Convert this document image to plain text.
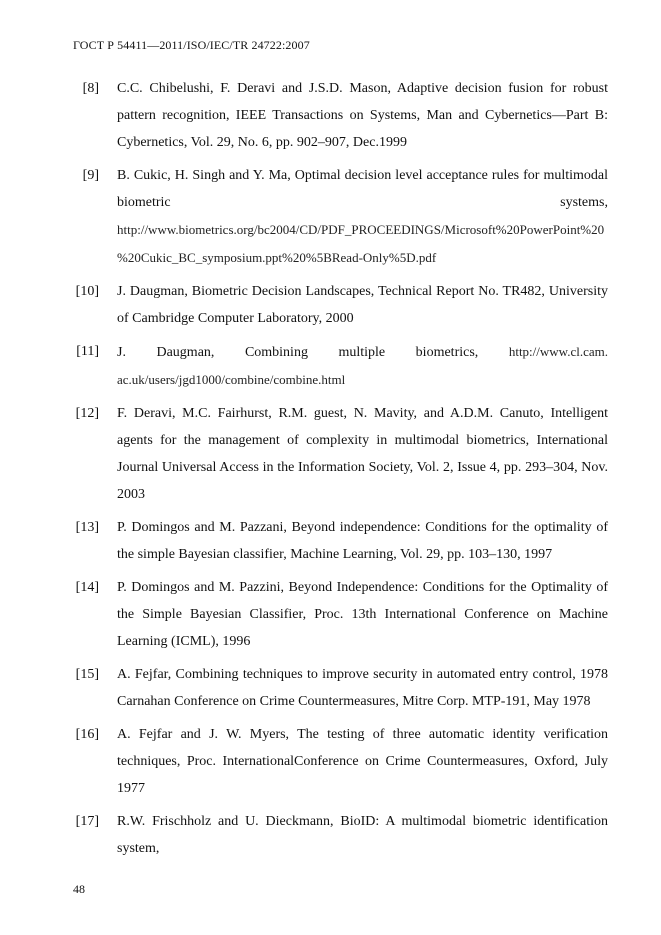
ГОСТ Р 54411—2011/ISO/IEC/TR 24722:2007
[8]	C.C. Chibelushi, F. Deravi and J.S.D. Mason, Adaptive decision fusion for robust pattern recognition, IEEE Transactions on Systems, Man and Cybernetics—Part B: Cybernetics, Vol. 29, No. 6, pp. 902–907, Dec.1999
[9]	B. Cukic, H. Singh and Y. Ma, Optimal decision level acceptance rules for multimodal biometric systems, http://www.biometrics.org/bc2004/CD/PDF_PROCEEDINGS/Microsoft%20PowerPoint%20%20Cukic_BC_symposium.ppt%20%5BRead-Only%5D.pdf
[10]	J. Daugman, Biometric Decision Landscapes, Technical Report No. TR482, University of Cambridge Computer Laboratory, 2000
[11]	J. Daugman, Combining multiple biometrics, http://www.cl.cam. ac.uk/users/jgd1000/combine/combine.html
[12]	F. Deravi, M.C. Fairhurst, R.M. guest, N. Mavity, and A.D.M. Canuto, Intelligent agents for the management of complexity in multimodal biometrics, International Journal Universal Access in the Information Society, Vol. 2, Issue 4, pp. 293–304, Nov. 2003
[13]	P. Domingos and M. Pazzani, Beyond independence: Conditions for the optimality of the simple Bayesian classifier, Machine Learning, Vol. 29, pp. 103–130, 1997
[14]	P. Domingos and M. Pazzini, Beyond Independence: Conditions for the Optimality of the Simple Bayesian Classifier, Proc. 13th International Conference on Machine Learning (ICML), 1996
[15]	A. Fejfar, Combining techniques to improve security in automated entry control, 1978 Carnahan Conference on Crime Countermeasures, Mitre Corp. MTP-191, May 1978
[16]	A. Fejfar and J. W. Myers, The testing of three automatic identity verification techniques, Proc. InternationalConference on Crime Countermeasures, Oxford, July 1977
[17]	R.W. Frischholz and U. Dieckmann, BioID: A multimodal biometric identification system,
48
